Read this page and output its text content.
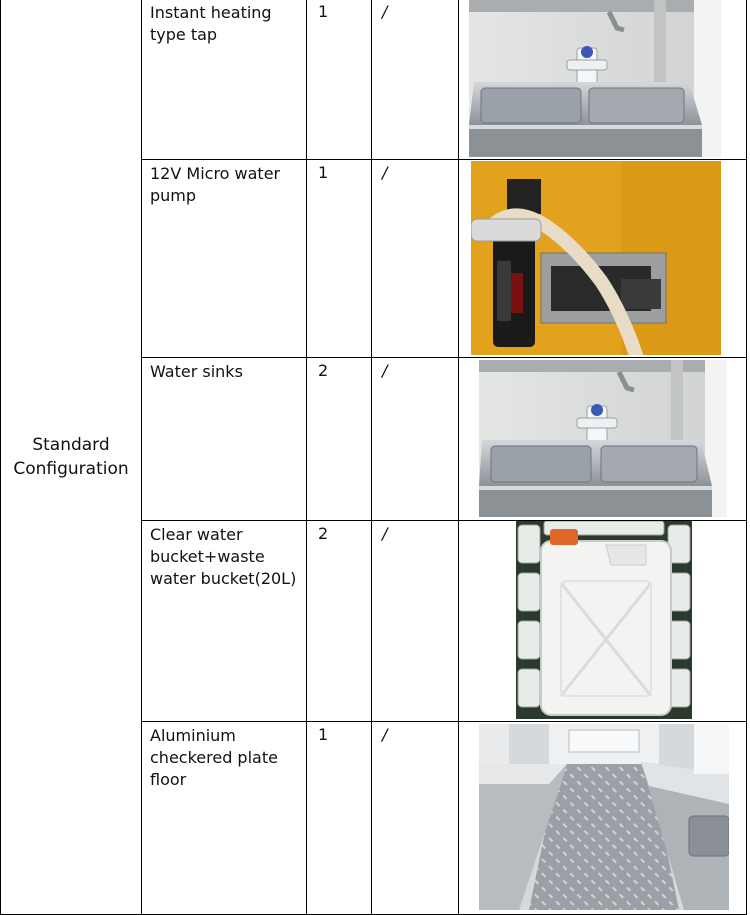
Standard Configuration	Instant heating type tap	1	/	

	12V Micro water pump	1	/	

	Water sinks	2	/	

	Clear water bucket+waste water bucket(20L)	2	/	

	Aluminium checkered plate floor	1	/	
